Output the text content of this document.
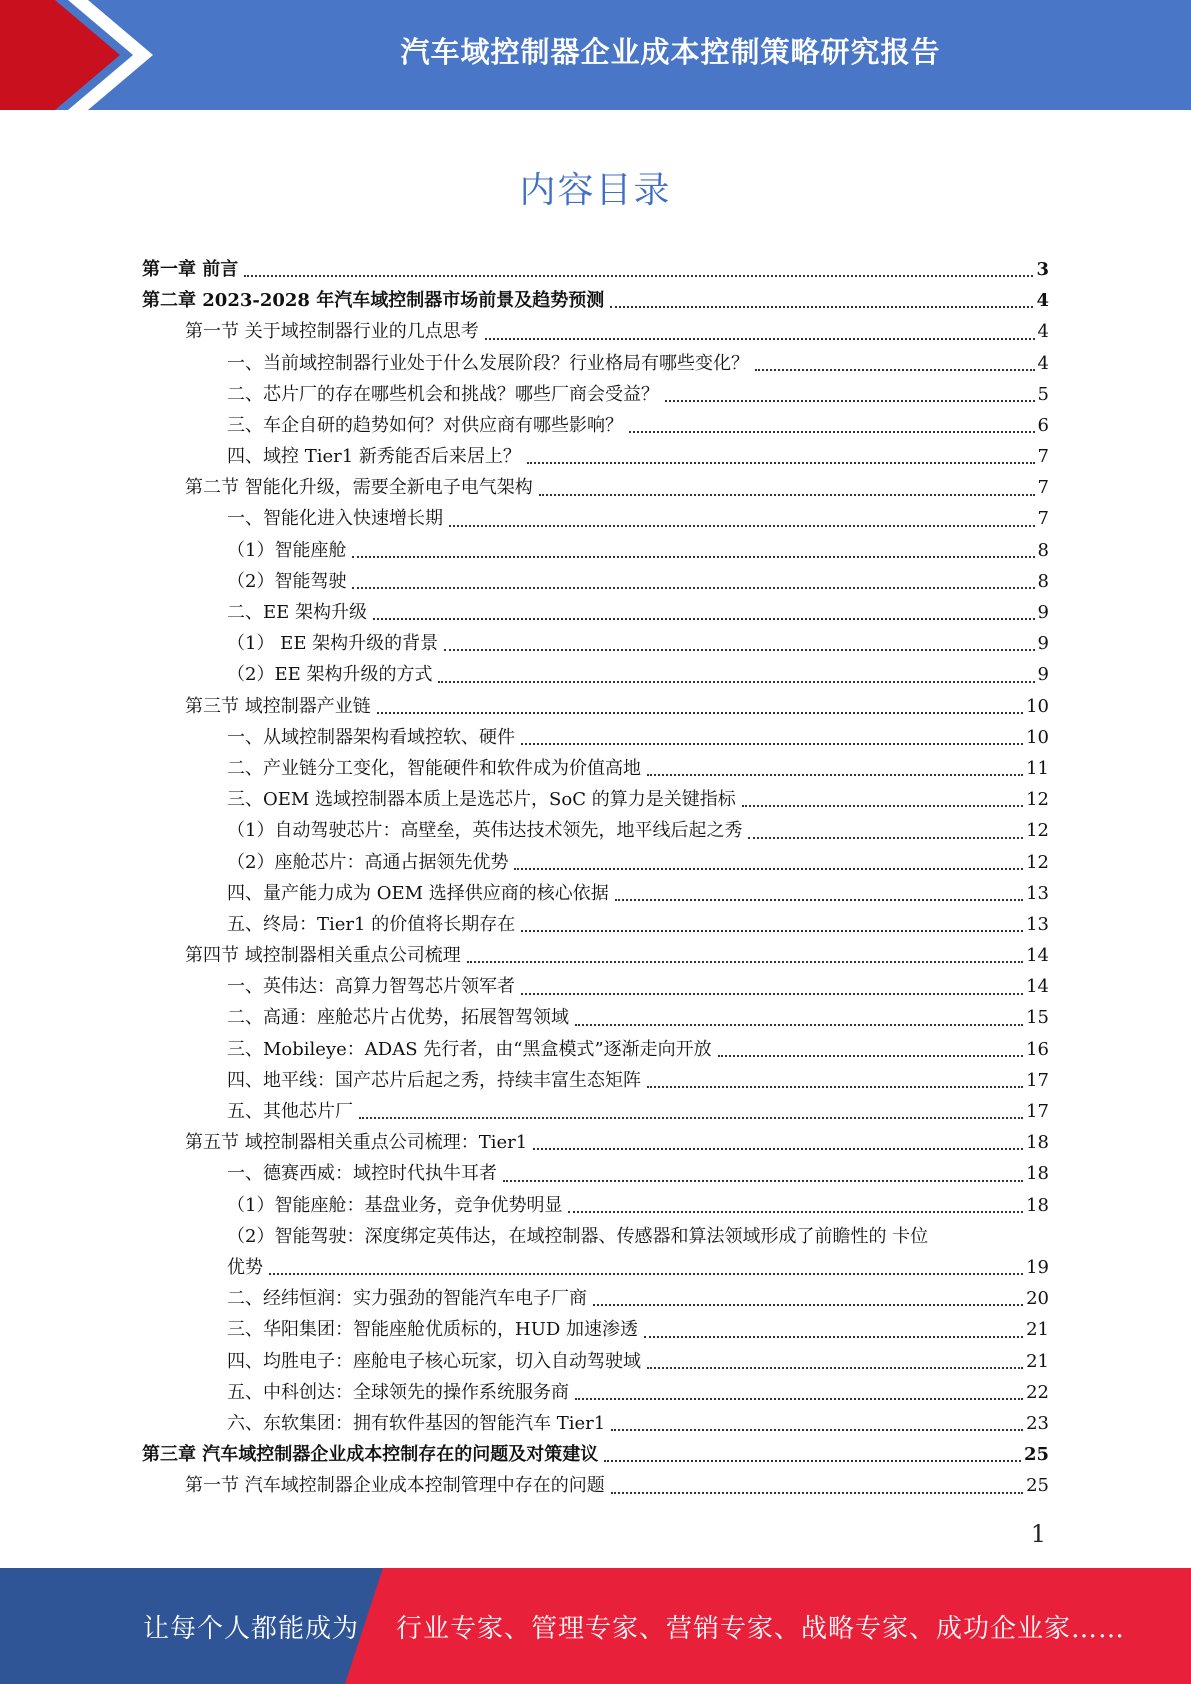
汽车域控制器企业成本控制策略研究报告
内容目录
第一章 前言	3
第二章 2023-2028 年汽车域控制器市场前景及趋势预测	4
第一节 关于域控制器行业的几点思考	4
一、当前域控制器行业处于什么发展阶段？行业格局有哪些变化？	4
二、芯片厂的存在哪些机会和挑战？哪些厂商会受益？	5
三、车企自研的趋势如何？对供应商有哪些影响？	6
四、域控 Tier1 新秀能否后来居上？	7
第二节 智能化升级，需要全新电子电气架构	7
一、智能化进入快速增长期	7
（1）智能座舱	8
（2）智能驾驶	8
二、EE 架构升级	9
（1） EE 架构升级的背景	9
（2）EE 架构升级的方式	9
第三节 域控制器产业链	10
一、从域控制器架构看域控软、硬件	10
二、产业链分工变化，智能硬件和软件成为价值高地	11
三、OEM 选域控制器本质上是选芯片，SoC 的算力是关键指标	12
（1）自动驾驶芯片：高壁垒，英伟达技术领先，地平线后起之秀	12
（2）座舱芯片：高通占据领先优势	12
四、量产能力成为 OEM 选择供应商的核心依据	13
五、终局：Tier1 的价值将长期存在	13
第四节 域控制器相关重点公司梳理	14
一、英伟达：高算力智驾芯片领军者	14
二、高通：座舱芯片占优势，拓展智驾领域	15
三、Mobileye：ADAS 先行者，由“黑盒模式”逐渐走向开放	16
四、地平线：国产芯片后起之秀，持续丰富生态矩阵	17
五、其他芯片厂	17
第五节 域控制器相关重点公司梳理：Tier1	18
一、德赛西威：域控时代执牛耳者	18
（1）智能座舱：基盘业务，竞争优势明显	18
（2）智能驾驶：深度绑定英伟达，在域控制器、传感器和算法领域形成了前瞻性的 卡位
优势	19
二、经纬恒润：实力强劲的智能汽车电子厂商	20
三、华阳集团：智能座舱优质标的，HUD 加速渗透	21
四、均胜电子：座舱电子核心玩家，切入自动驾驶域	21
五、中科创达：全球领先的操作系统服务商	22
六、东软集团：拥有软件基因的智能汽车 Tier1	23
第三章 汽车域控制器企业成本控制存在的问题及对策建议	25
第一节 汽车域控制器企业成本控制管理中存在的问题	25
1
让每个人都能成为 行业专家、管理专家、营销专家、战略专家、成功企业家……
